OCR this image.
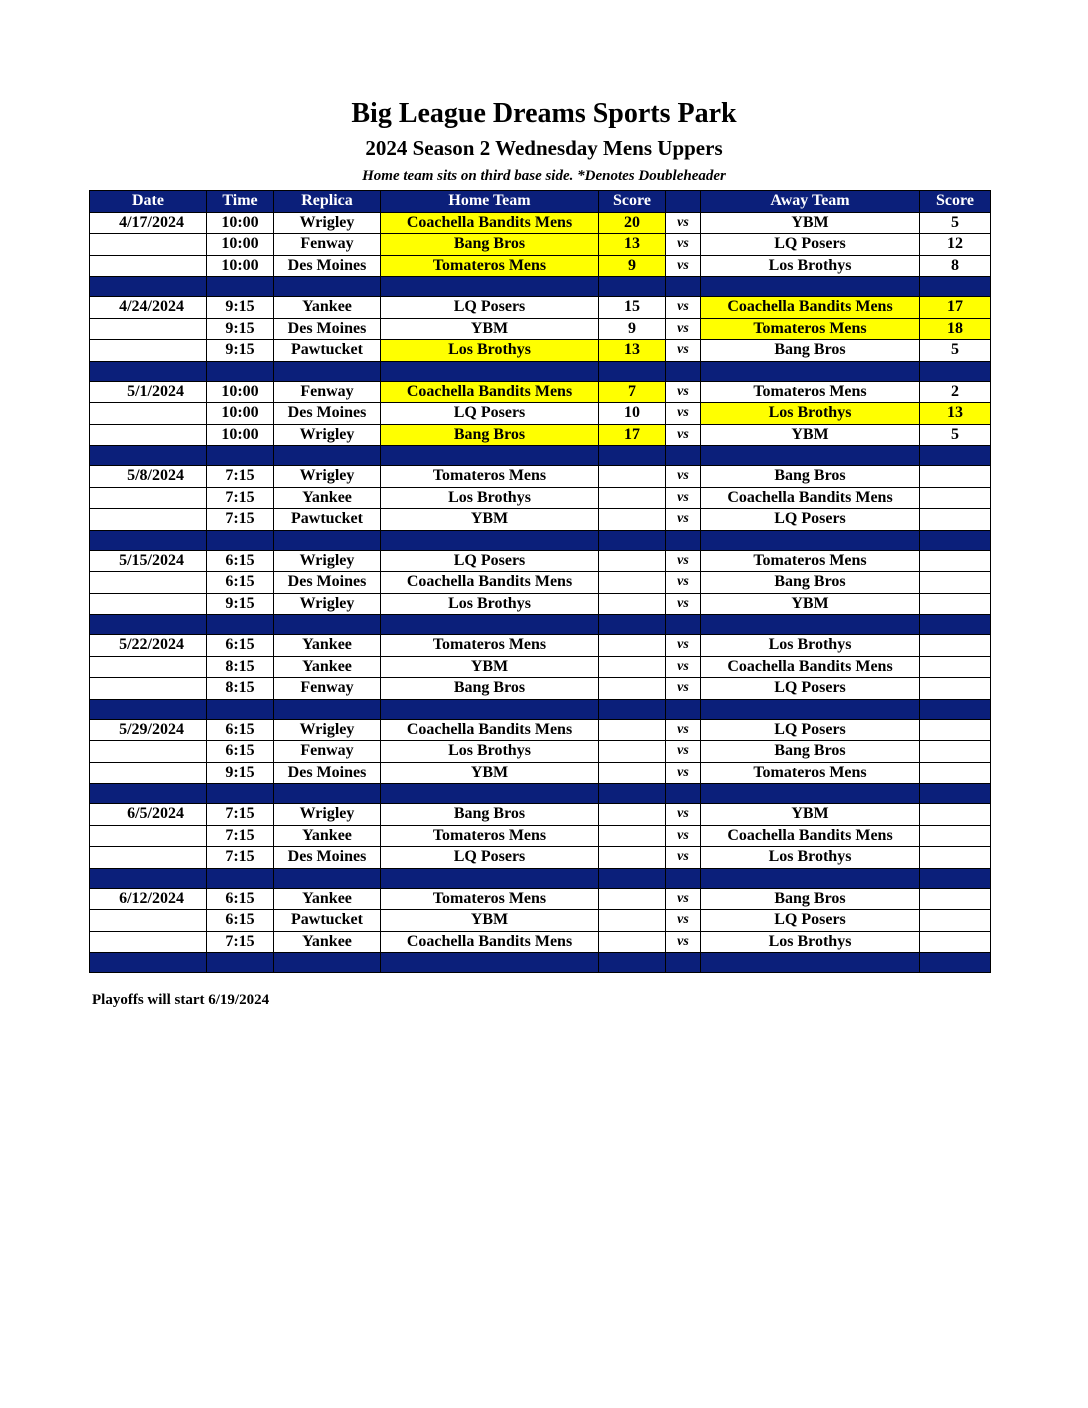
Big League Dreams Sports Park
2024 Season 2 Wednesday Mens Uppers
Home team sits on third base side. *Denotes Doubleheader
Date	Time	Replica	Home Team	Score		Away Team	Score
4/17/2024	10:00	Wrigley	Coachella Bandits Mens	20	vs	YBM	5
	10:00	Fenway	Bang Bros	13	vs	LQ Posers	12
	10:00	Des Moines	Tomateros Mens	9	vs	Los Brothys	8

4/24/2024	9:15	Yankee	LQ Posers	15	vs	Coachella Bandits Mens	17
	9:15	Des Moines	YBM	9	vs	Tomateros Mens	18
	9:15	Pawtucket	Los Brothys	13	vs	Bang Bros	5

5/1/2024	10:00	Fenway	Coachella Bandits Mens	7	vs	Tomateros Mens	2
	10:00	Des Moines	LQ Posers	10	vs	Los Brothys	13
	10:00	Wrigley	Bang Bros	17	vs	YBM	5

5/8/2024	7:15	Wrigley	Tomateros Mens		vs	Bang Bros	
	7:15	Yankee	Los Brothys		vs	Coachella Bandits Mens	
	7:15	Pawtucket	YBM		vs	LQ Posers	

5/15/2024	6:15	Wrigley	LQ Posers		vs	Tomateros Mens	
	6:15	Des Moines	Coachella Bandits Mens		vs	Bang Bros	
	9:15	Wrigley	Los Brothys		vs	YBM	

5/22/2024	6:15	Yankee	Tomateros Mens		vs	Los Brothys	
	8:15	Yankee	YBM		vs	Coachella Bandits Mens	
	8:15	Fenway	Bang Bros		vs	LQ Posers	

5/29/2024	6:15	Wrigley	Coachella Bandits Mens		vs	LQ Posers	
	6:15	Fenway	Los Brothys		vs	Bang Bros	
	9:15	Des Moines	YBM		vs	Tomateros Mens	

6/5/2024	7:15	Wrigley	Bang Bros		vs	YBM	
	7:15	Yankee	Tomateros Mens		vs	Coachella Bandits Mens	
	7:15	Des Moines	LQ Posers		vs	Los Brothys	

6/12/2024	6:15	Yankee	Tomateros Mens		vs	Bang Bros	
	6:15	Pawtucket	YBM		vs	LQ Posers	
	7:15	Yankee	Coachella Bandits Mens		vs	Los Brothys	

Playoffs will start 6/19/2024
